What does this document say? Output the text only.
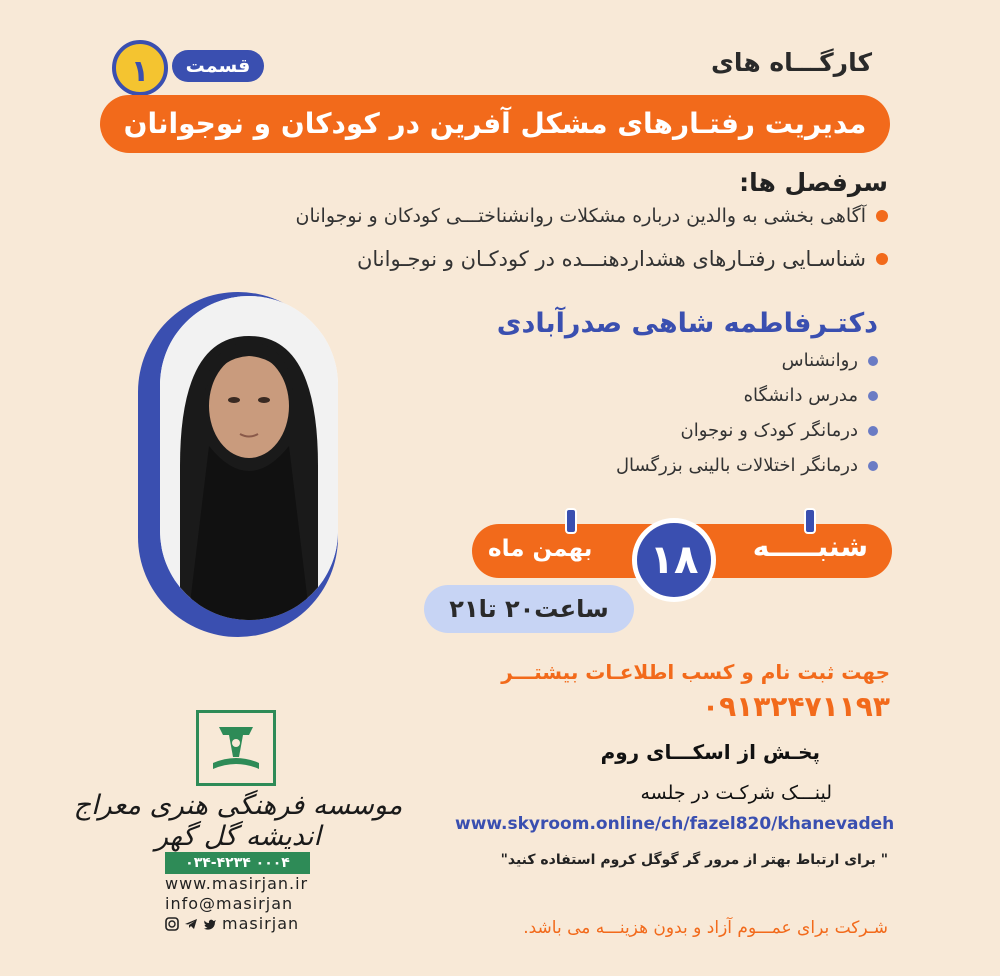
کارگـــاه های
قسمت
۱
مدیریت رفتـارهای مشکل آفرین در کودکان و نوجوانان
سرفصل ها:
آگاهی بخشی به والدین درباره مشکلات روانشناختـــی کودکان و نوجوانان
شناسـایی رفتـارهای هشداردهنـــده در کودکـان و نوجـوانان
دکتـرفاطمه شاهی صدرآبادی
روانشناس
مدرس دانشگاه
درمانگر کودک و نوجوان
درمانگر اختلالات بالینی بزرگسال
شنبـــــه
بهمن ماه	۱۸
ساعت۲۰ تا۲۱
جهت ثبت نام و کسب اطلاعـات بیشتـــر
۰۹۱۳۲۴۷۱۱۹۳
پخـش از اسکـــای روم
لینـــک شرکـت در جلسه
www.skyroom.online/ch/fazel820/khanevadeh
" برای ارتباط بهتر از مرور گر گوگل کروم استفاده کنید"
شـرکت برای عمـــوم آزاد و بدون هزینـــه می باشد.
موسسه فرهنگی هنری معراج اندیشه گل گهر
۰۳۴-۴۲۳۴ ۰۰۰۴
www.masirjan.ir
info@masirjan
masirjan
